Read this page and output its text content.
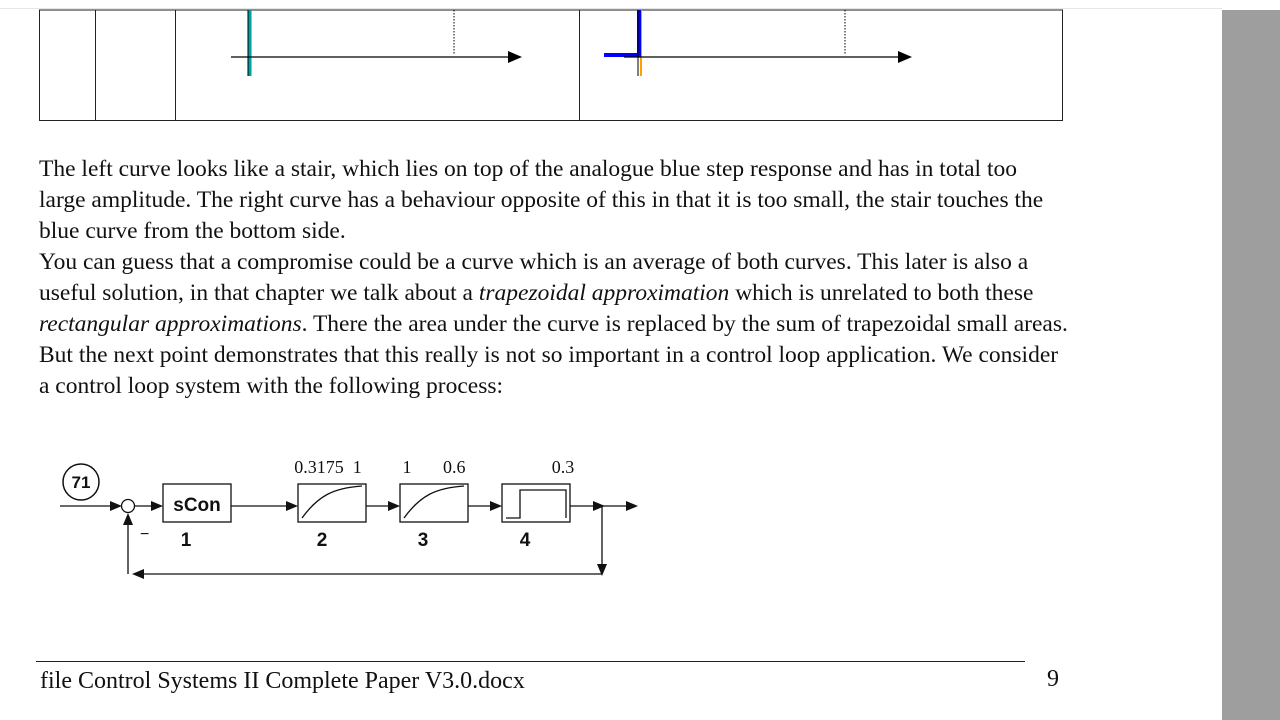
The left curve looks like a stair, which lies on top of the analogue blue step response and has in total too large amplitude. The right curve has a behaviour opposite of this in that it is too small, the stair touches the blue curve from the bottom side.

You can guess that a compromise could be a curve which is an average of both curves. This later is also a useful solution, in that chapter we talk about a trapezoidal approximation which is unrelated to both these rectangular approximations. There the area under the curve is replaced by the sum of trapezoidal small areas.

But the next point demonstrates that this really is not so important in a control loop application. We consider a control loop system with the following process:

71
−
sCon
0.3175  1 1       0.6	0.3
1	2	3	4
file Control Systems II Complete Paper V3.0.docx	9
